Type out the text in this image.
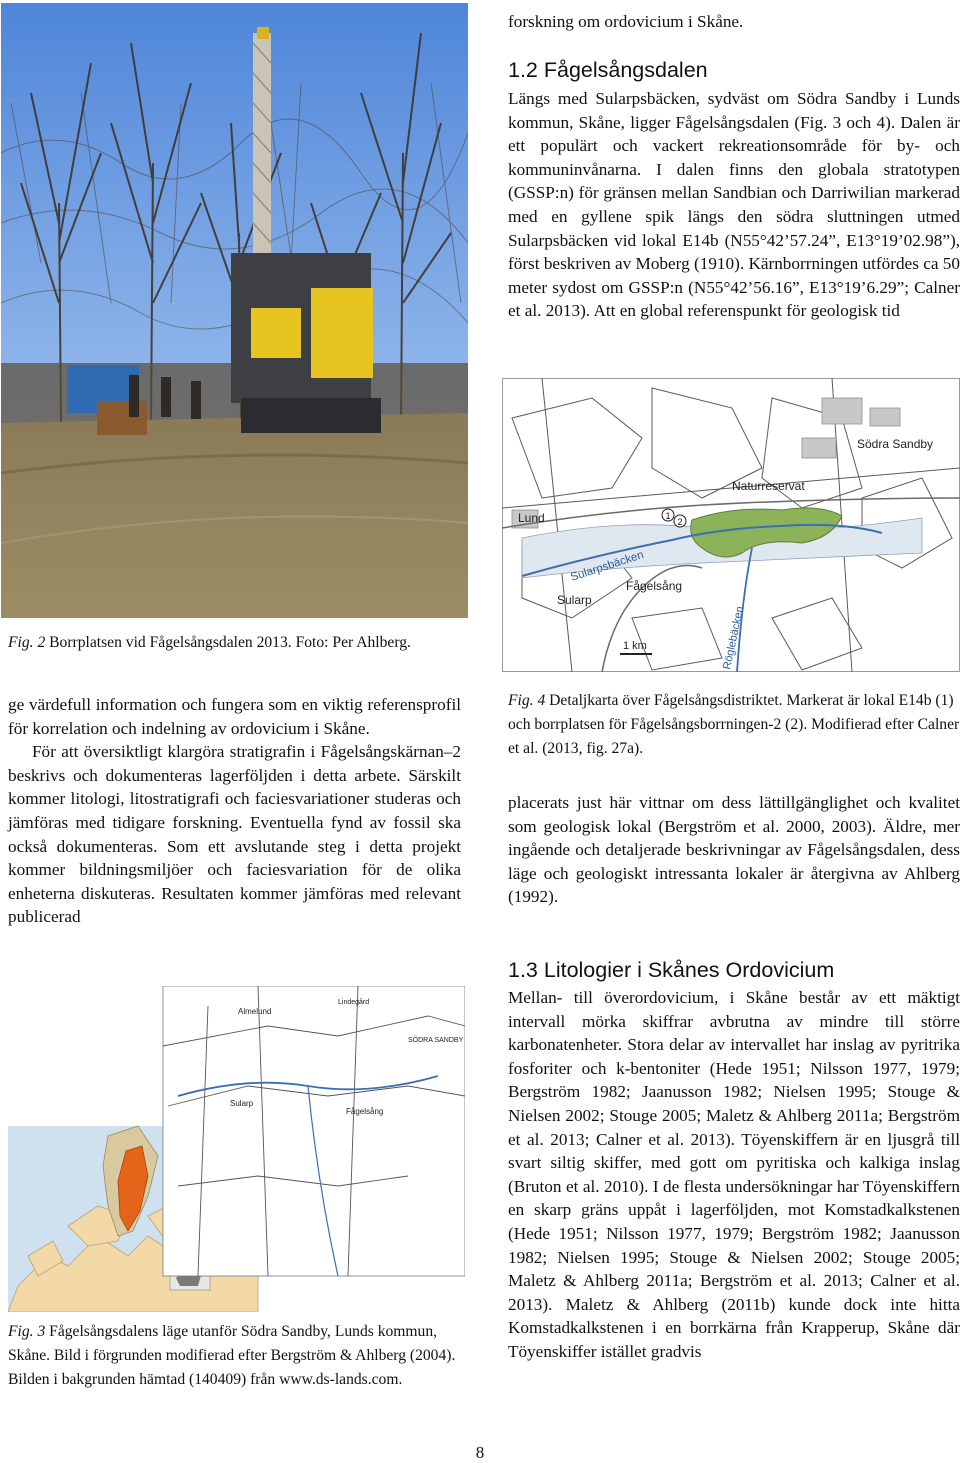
forskning om ordovicium i Skåne.

1.2 Fågelsångsdalen

Längs med Sularpsbäcken, sydväst om Södra Sandby i Lunds kommun, Skåne, ligger Fågelsångsdalen (Fig. 3 och 4). Dalen är ett populärt och vackert rekreationsområde för by- och kommuninvånarna. I dalen finns den globala stratotypen (GSSP:n) för gränsen mellan Sandbian och Darriwilian markerad med en gyllene spik längs den södra sluttningen utmed Sularpsbäcken vid lokal E14b (N55°42’57.24”, E13°19’02.98”), först beskriven av Moberg (1910). Kärnborrningen utfördes ca 50 meter sydost om GSSP:n (N55°42’56.16”, E13°19’6.29”; Calner et al. 2013). Att en global referenspunkt för geologisk tid

1
2
Södra Sandby
Naturreservat
Lund
Sularpsbäcken
Sularp
Fågelsång
Röglebäcken
1 km

Fig. 2 Borrplatsen vid Fågelsångsdalen 2013. Foto: Per Ahlberg.

Fig. 4 Detaljkarta över Fågelsångsdistriktet. Markerat är lokal E14b (1) och borrplatsen för Fågelsångsborrningen-2 (2). Modifierad efter Calner et al. (2013, fig. 27a).

ge värdefull information och fungera som en viktig referensprofil för korrelation och indelning av ordovicium i Skåne.

För att översiktligt klargöra stratigrafin i Fågelsångskärnan–2 beskrivs och dokumenteras lagerföljden i detta arbete. Särskilt kommer litologi, litostratigrafi och faciesvariationer studeras och jämföras med tidigare forskning. Eventuella fynd av fossil ska också dokumenteras. Som ett avslutande steg i detta projekt kommer bildningsmiljöer och faciesvariation för de olika enheterna diskuteras. Resultaten kommer jämföras med relevant publicerad

placerats just här vittnar om dess lättillgänglighet och kvalitet som geologisk lokal (Bergström et al. 2000, 2003). Äldre, mer ingående och detaljerade beskrivningar av Fågelsångsdalen, dess läge och geologiskt intressanta lokaler är återgivna av Ahlberg (1992).

1.3 Litologier i Skånes Ordovicium

Mellan- till överordovicium, i Skåne består av ett mäktigt intervall mörka skiffrar avbrutna av mindre till större karbonatenheter. Stora delar av intervallet har inslag av pyritrika fosforiter och k-bentoniter (Hede 1951; Nilsson 1977, 1979; Bergström 1982; Jaanusson 1982; Nielsen 1995; Stouge & Nielsen 2002; Stouge 2005; Maletz & Ahlberg 2011a; Bergström et al. 2013; Calner et al. 2013). Töyenskiffern är en ljusgrå till svart siltig skiffer, med gott om pyritiska och kalkiga inslag (Bruton et al. 2010). I de flesta undersökningar har Töyenskiffern en skarp gräns uppåt i lagerföljden, mot Komstadkalkstenen (Hede 1951; Nilsson 1977, 1979; Bergström 1982; Jaanusson 1982; Nielsen 1995; Stouge & Nielsen 2002; Stouge 2005; Maletz & Ahlberg 2011a; Bergström et al. 2013; Calner et al. 2013). Maletz & Ahlberg (2011b) kunde dock inte hitta Komstadkalkstenen i en borrkärna från Krapperup, Skåne där Töyenskiffer istället gradvis

Almelund
Lindegård
SÖDRA SANDBY
Sularp
Fågelsång

Fig. 3 Fågelsångsdalens läge utanför Södra Sandby, Lunds kommun, Skåne. Bild i förgrunden modifierad efter Bergström & Ahlberg (2004). Bilden i bakgrunden hämtad (140409) från www.ds-lands.com.

8
